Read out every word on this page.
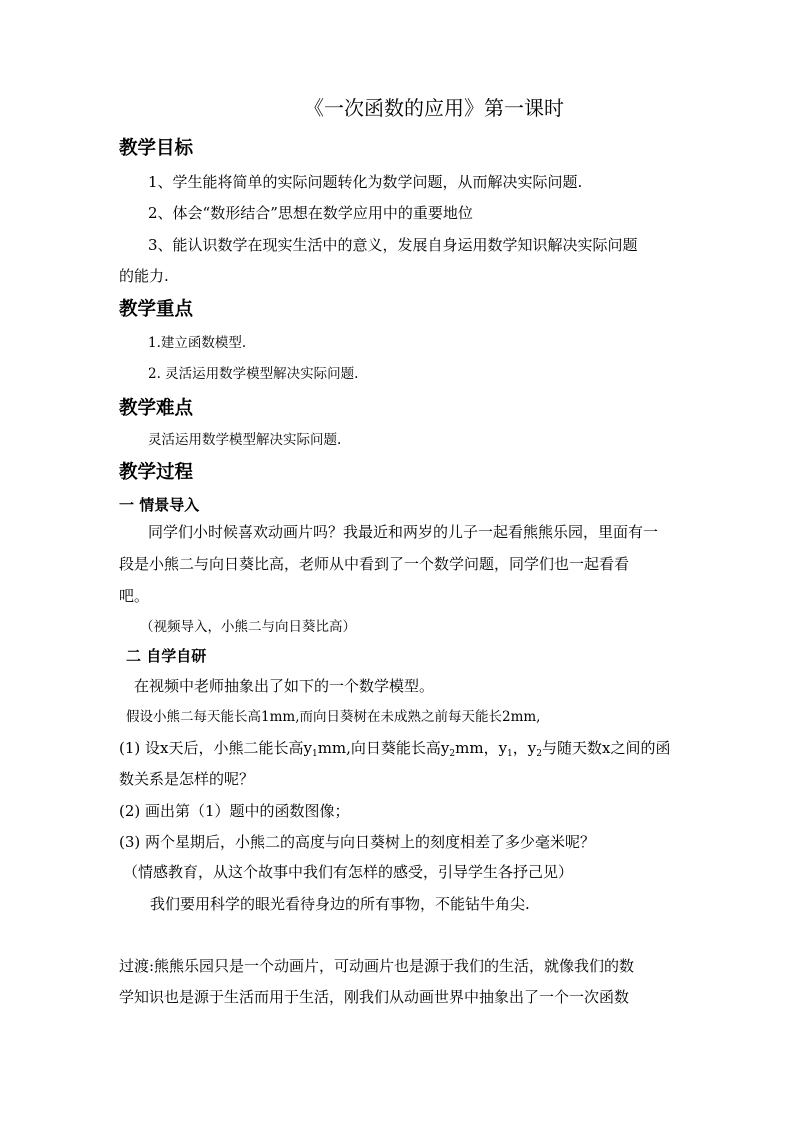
《一次函数的应用》第一课时
教学目标
1、学生能将简单的实际问题转化为数学问题，从而解决实际问题.
2、体会“数形结合”思想在数学应用中的重要地位
3、能认识数学在现实生活中的意义，发展自身运用数学知识解决实际问题
的能力.
教学重点
1.建立函数模型.
2. 灵活运用数学模型解决实际问题.
教学难点
灵活运用数学模型解决实际问题.
教学过程
一 情景导入
同学们小时候喜欢动画片吗？我最近和两岁的儿子一起看熊熊乐园，里面有一
段是小熊二与向日葵比高，老师从中看到了一个数学问题，同学们也一起看看
吧。
（视频导入，小熊二与向日葵比高）
二 自学自研
在视频中老师抽象出了如下的一个数学模型。
假设小熊二每天能长高1mm,而向日葵树在未成熟之前每天能长2mm,
(1) 设x天后，小熊二能长高$y_1mm$,向日葵能长高$y_2mm$，$y_1$，$y_2$与随天数x之间的函
数关系是怎样的呢？
(2) 画出第（1）题中的函数图像；
(3) 两个星期后，小熊二的高度与向日葵树上的刻度相差了多少毫米呢？
（情感教育，从这个故事中我们有怎样的感受，引导学生各抒己见）
我们要用科学的眼光看待身边的所有事物，不能钻牛角尖.
过渡:熊熊乐园只是一个动画片，可动画片也是源于我们的生活，就像我们的数
学知识也是源于生活而用于生活，刚我们从动画世界中抽象出了一个一次函数
